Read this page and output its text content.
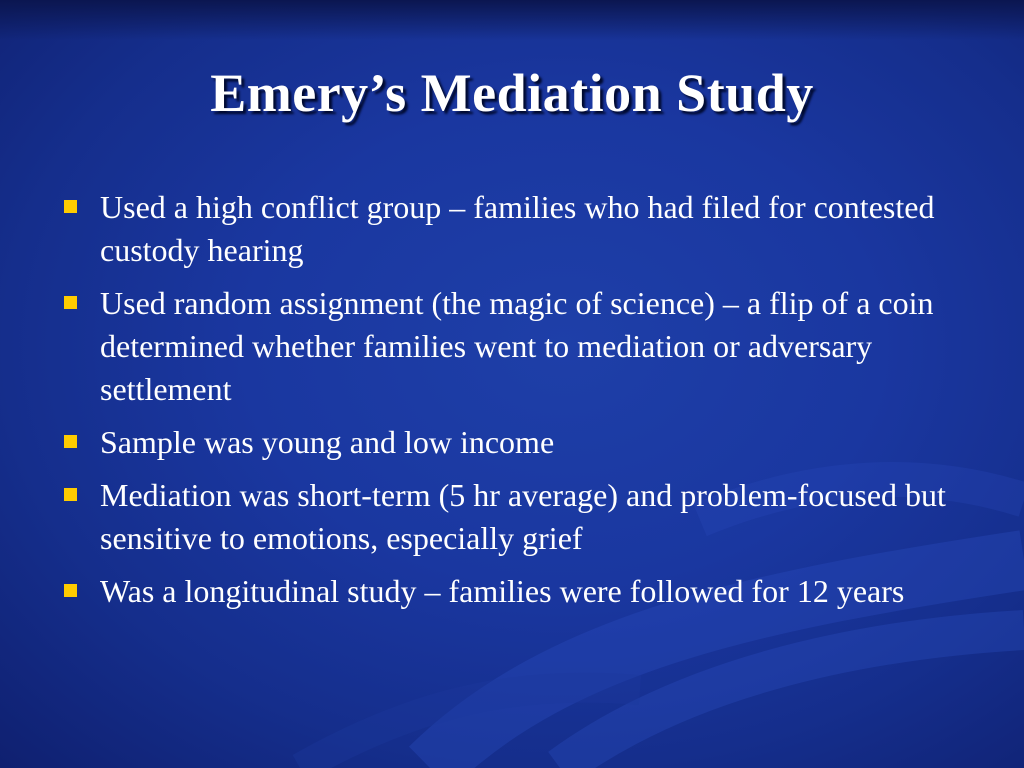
Emery’s Mediation Study
Used a high conflict group – families who had filed for contested custody hearing
Used random assignment (the magic of science) – a flip of a coin determined whether families went to mediation or adversary settlement
Sample was young and low income
Mediation was short-term (5 hr average) and problem-focused but sensitive to emotions, especially grief
Was a longitudinal study – families were followed for 12 years
